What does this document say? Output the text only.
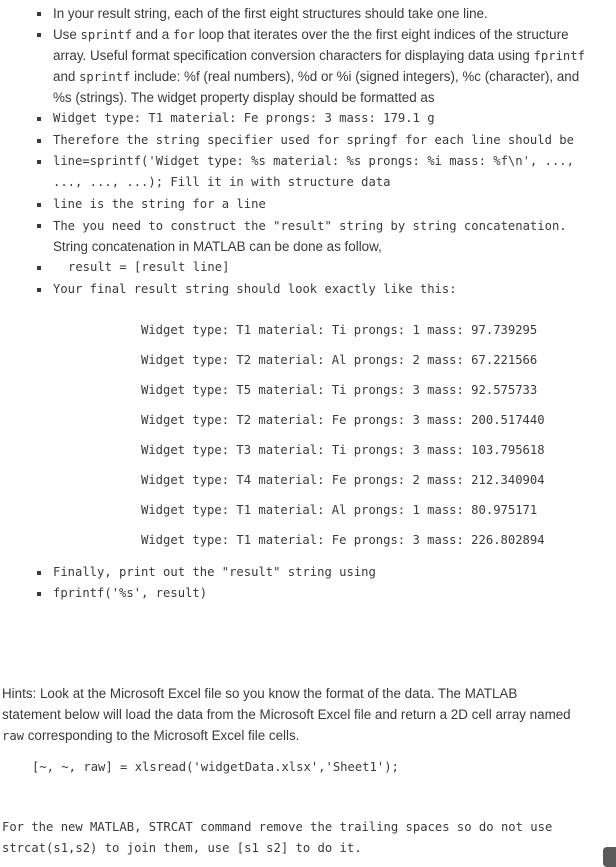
In your result string, each of the first eight structures should take one line.
Use sprintf and a for loop that iterates over the the first eight indices of the structure
array. Useful format specification conversion characters for displaying data using fprintf
and sprintf include: %f (real numbers), %d or %i (signed integers), %c (character), and
%s (strings). The widget property display should be formatted as
Widget type: T1 material: Fe prongs: 3 mass: 179.1 g
Therefore the string specifier used for springf for each line should be
line=sprintf('Widget type: %s material: %s prongs: %i mass: %f\n', ...,
..., ..., ...); Fill it in with structure data
line is the string for a line
The you need to construct the "result" string by string concatenation.
String concatenation in MATLAB can be done as follow,
result = [result line]
Your final result string should look exactly like this:
Widget type: T1 material: Ti prongs: 1 mass: 97.739295
Widget type: T2 material: Al prongs: 2 mass: 67.221566
Widget type: T5 material: Ti prongs: 3 mass: 92.575733
Widget type: T2 material: Fe prongs: 3 mass: 200.517440
Widget type: T3 material: Ti prongs: 3 mass: 103.795618
Widget type: T4 material: Fe prongs: 2 mass: 212.340904
Widget type: T1 material: Al prongs: 1 mass: 80.975171
Widget type: T1 material: Fe prongs: 3 mass: 226.802894
Finally, print out the "result" string using
fprintf('%s', result)
Hints: Look at the Microsoft Excel file so you know the format of the data. The MATLAB
statement below will load the data from the Microsoft Excel file and return a 2D cell array named
raw corresponding to the Microsoft Excel file cells.
[~, ~, raw] = xlsread('widgetData.xlsx','Sheet1');
For the new MATLAB, STRCAT command remove the trailing spaces so do not use
strcat(s1,s2) to join them, use [s1 s2] to do it.
